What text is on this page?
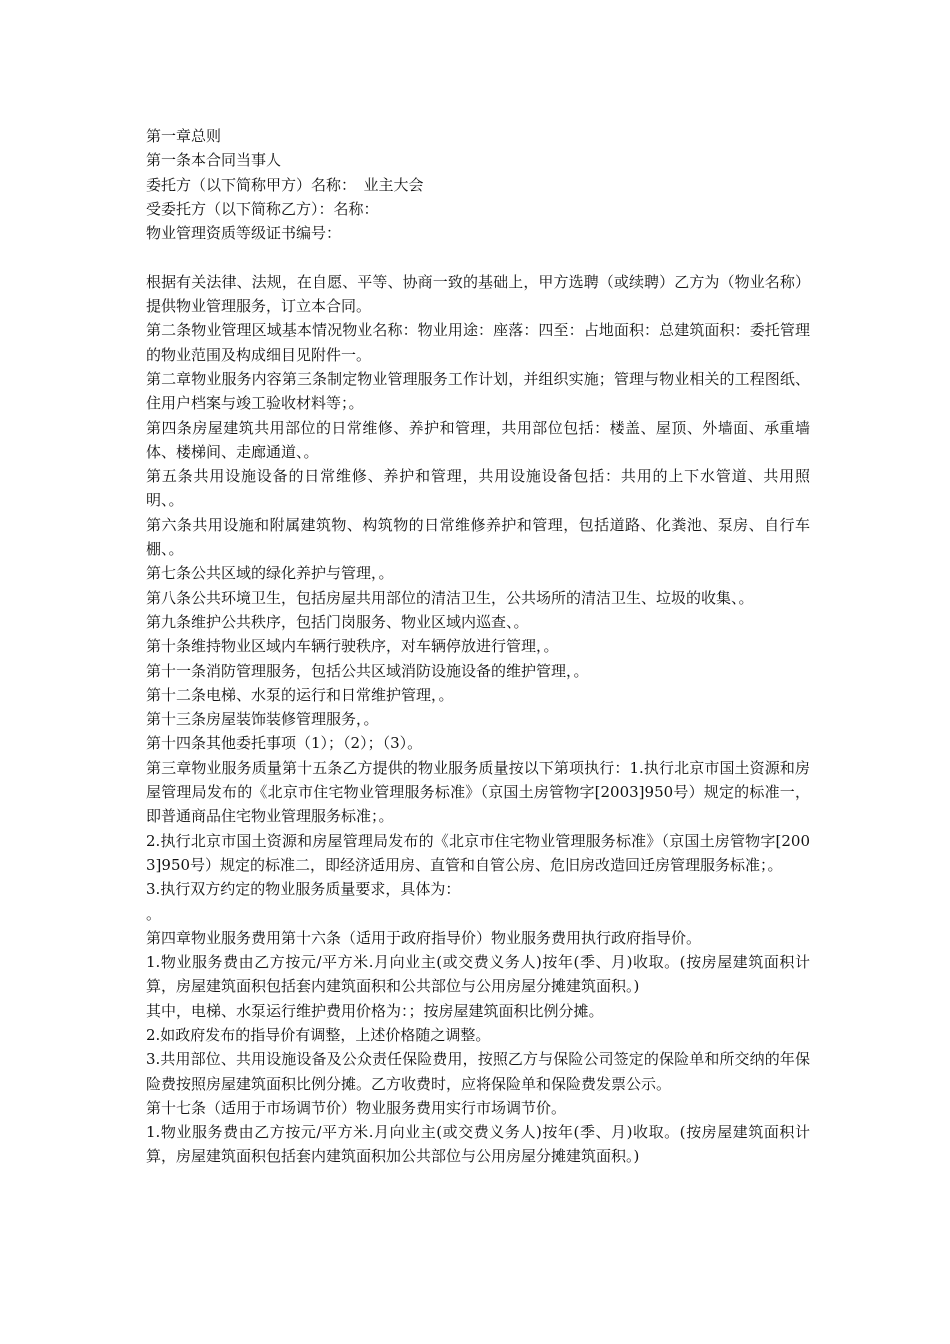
第一章总则

第一条本合同当事人

委托方（以下简称甲方）名称：　业主大会

受委托方（以下简称乙方）：名称：

物业管理资质等级证书编号：

根据有关法律、法规，在自愿、平等、协商一致的基础上，甲方选聘（或续聘）乙方为（物业名称）提供物业管理服务，订立本合同。

第二条物业管理区域基本情况物业名称：物业用途：座落：四至：占地面积：总建筑面积：委托管理的物业范围及构成细目见附件一。

第二章物业服务内容第三条制定物业管理服务工作计划，并组织实施；管理与物业相关的工程图纸、住用户档案与竣工验收材料等；。

第四条房屋建筑共用部位的日常维修、养护和管理，共用部位包括：楼盖、屋顶、外墙面、承重墙体、楼梯间、走廊通道、。

第五条共用设施设备的日常维修、养护和管理，共用设施设备包括：共用的上下水管道、共用照明、。

第六条共用设施和附属建筑物、构筑物的日常维修养护和管理，包括道路、化粪池、泵房、自行车棚、。

第七条公共区域的绿化养护与管理，。

第八条公共环境卫生，包括房屋共用部位的清洁卫生，公共场所的清洁卫生、垃圾的收集、。

第九条维护公共秩序，包括门岗服务、物业区域内巡查、。

第十条维持物业区域内车辆行驶秩序，对车辆停放进行管理，。

第十一条消防管理服务，包括公共区域消防设施设备的维护管理，。

第十二条电梯、水泵的运行和日常维护管理，。

第十三条房屋装饰装修管理服务，。

第十四条其他委托事项（1）；（2）；（3）。

第三章物业服务质量第十五条乙方提供的物业服务质量按以下第项执行：1.执行北京市国土资源和房屋管理局发布的《北京市住宅物业管理服务标准》（京国土房管物字[2003]950号）规定的标准一，即普通商品住宅物业管理服务标准；。

2.执行北京市国土资源和房屋管理局发布的《北京市住宅物业管理服务标准》（京国土房管物字[2003]950号）规定的标准二，即经济适用房、直管和自管公房、危旧房改造回迁房管理服务标准；。

3.执行双方约定的物业服务质量要求，具体为：

。

第四章物业服务费用第十六条（适用于政府指导价）物业服务费用执行政府指导价。

1.物业服务费由乙方按元/平方米.月向业主(或交费义务人)按年(季、月)收取。(按房屋建筑面积计算，房屋建筑面积包括套内建筑面积和公共部位与公用房屋分摊建筑面积。)

其中，电梯、水泵运行维护费用价格为：；按房屋建筑面积比例分摊。

2.如政府发布的指导价有调整，上述价格随之调整。

3.共用部位、共用设施设备及公众责任保险费用，按照乙方与保险公司签定的保险单和所交纳的年保险费按照房屋建筑面积比例分摊。乙方收费时，应将保险单和保险费发票公示。

第十七条（适用于市场调节价）物业服务费用实行市场调节价。

1.物业服务费由乙方按元/平方米.月向业主(或交费义务人)按年(季、月)收取。(按房屋建筑面积计算，房屋建筑面积包括套内建筑面积加公共部位与公用房屋分摊建筑面积。)
